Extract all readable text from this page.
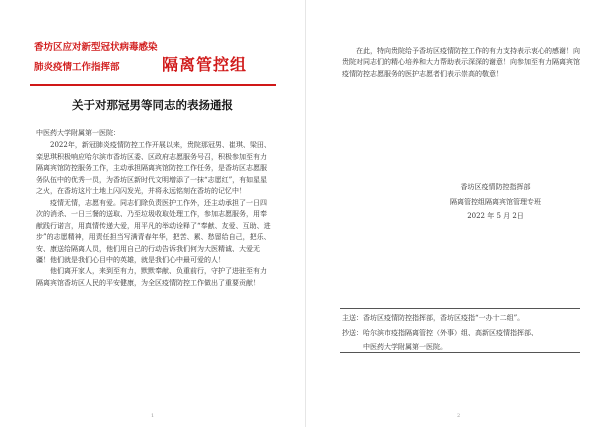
香坊区应对新型冠状病毒感染
肺炎疫情工作指挥部	隔离管控组
关于对那冠男等同志的表扬通报

中医药大学附属第一医院：

2022年，新冠肺炎疫情防控工作开展以来，贵院那冠男、崔琪、梁田、栾思琪积极响应哈尔滨市香坊区委、区政府志愿服务号召，积极参加至有力隔离宾馆防控服务工作，主动承担隔离宾馆防控工作任务，是香坊区志愿服务队伍中的优秀一员，为香坊区新时代文明增添了一抹“志愿红”，有如星星之火，在香坊这片土地上闪闪发光，并将永远铭刻在香坊的记忆中！

疫情无情，志愿有爱。同志们除负责医护工作外，还主动承担了一日四次的消杀、一日三餐的送取、乃至垃圾收取处理工作，参加志愿服务，用奉献践行诺言，用真情传递大爱，用平凡的举动诠释了“奉献、友爱、互助、进步”的志愿精神，用责任担当写满青春年华，把苦、累、愁留给自己，把乐、安、康送给隔离人员，他们用自己的行动告诉我们何为大医精诚、大爱无疆！他们就是我们心目中的英雄，就是我们心中最可爱的人！

他们离开家人，来到至有力，默默奉献、负重前行，守护了进驻至有力隔离宾馆香坊区人民的平安健康，为全区疫情防控工作做出了重要贡献！

1

在此，特向贵院给予香坊区疫情防控工作的有力支持表示衷心的感谢！向贵院对同志们的精心培养和大力帮助表示深深的谢意！向参加至有力隔离宾馆疫情防控志愿服务的医护志愿者们表示崇高的敬意！

香坊区疫情防控指挥部
隔离管控组隔离宾馆管理专班
2022 年 5 月 2日
主送：香坊区疫情防控指挥部，香坊区疫指“一办十二组”。
抄送：哈尔滨市疫指隔离管控（外事）组、高新区疫情指挥部、
中医药大学附属第一医院。
2
